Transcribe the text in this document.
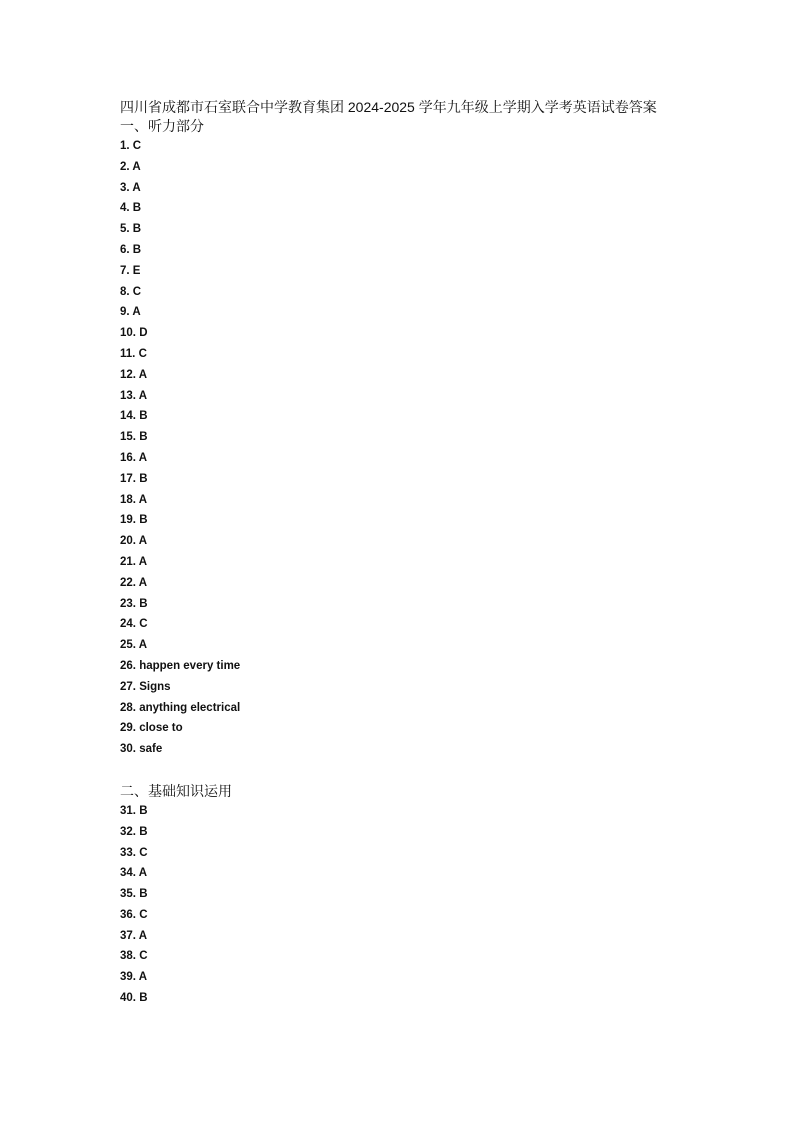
四川省成都市石室联合中学教育集团 2024-2025 学年九年级上学期入学考英语试卷答案
一、听力部分
1. C
2. A
3. A
4. B
5. B
6. B
7. E
8. C
9. A
10. D
11. C
12. A
13. A
14. B
15. B
16. A
17. B
18. A
19. B
20. A
21. A
22. A
23. B
24. C
25. A
26. happen every time
27. Signs
28. anything electrical
29. close to
30. safe
二、基础知识运用
31. B
32. B
33. C
34. A
35. B
36. C
37. A
38. C
39. A
40. B
